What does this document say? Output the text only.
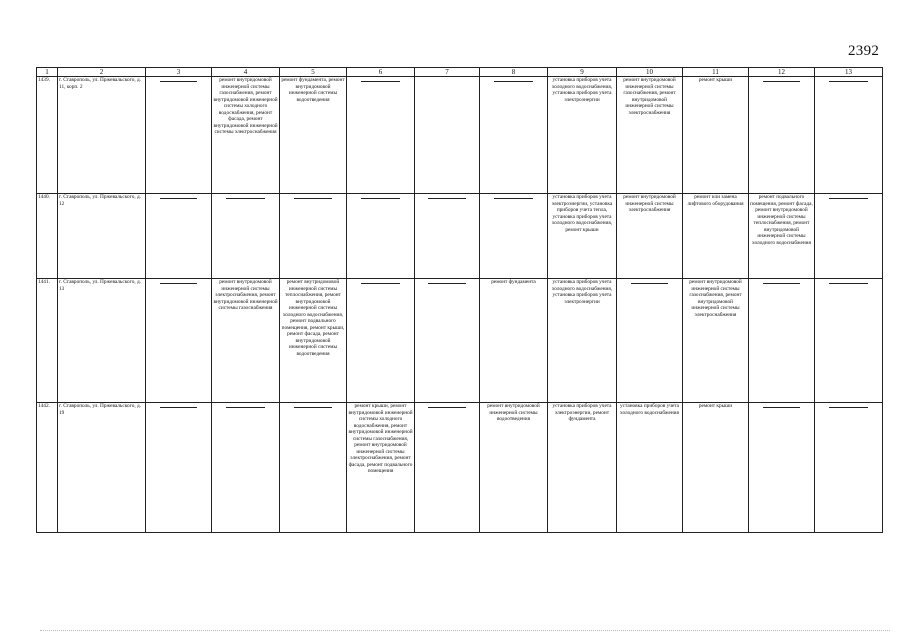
2392
1	2	3	4	5	6	7	8	9	10	11	12	13
1439.	г. Ставрополь, ул. Пржевальского, д. 11, корп. 2		ремонт внутридомовой инженерной системы газоснабжения, ремонт внутридомовой инженерной системы холодного водоснабжения, ремонт фасада, ремонт внутридомовой инженерной системы электроснабжения	ремонт фундамента, ремонт внутридомовой инженерной системы водоотведения				установка приборов учета холодного водоснабжения, установка приборов учета электроэнергии	ремонт внутридомовой инженерной системы газоснабжения, ремонт внутридомовой инженерной системы электроснабжения	ремонт крыши	

1440.	г. Ставрополь, ул. Пржевальского, д. 12							установка приборов учета электроэнергии, установка приборов учета тепла, установка приборов учета холодного водоснабжения, ремонт крыши	ремонт внутридомовой инженерной системы электроснабжения	ремонт или замена лифтового оборудования	ремонт подвального помещения, ремонт фасада, ремонт внутридомовой инженерной системы теплоснабжения, ремонт внутридомовой инженерной системы холодного водоснабжения	

1441.	г. Ставрополь, ул. Пржевальского, д. 13		ремонт внутридомовой инженерной системы электроснабжения, ремонт внутридомовой инженерной системы газоснабжения	ремонт внутридомовой инженерной системы теплоснабжения, ремонт внутридомовой инженерной системы холодного водоснабжения, ремонт подвального помещения, ремонт крыши, ремонт фасада, ремонт внутридомовой инженерной системы водоотведения			ремонт фундамента	установка приборов учета холодного водоснабжения, установка приборов учета электроэнергии		ремонт внутридомовой инженерной системы газоснабжения, ремонт внутридомовой инженерной системы электроснабжения	

1442.	г. Ставрополь, ул. Пржевальского, д. 19				ремонт крыши, ремонт внутридомовой инженерной системы холодного водоснабжения, ремонт внутридомовой инженерной системы газоснабжения, ремонт внутридомовой инженерной системы электроснабжения, ремонт фасада, ремонт подвального помещения		ремонт внутридомовой инженерной системы водоотведения	установка приборов учета электроэнергии, ремонт фундамента	установка приборов учета холодного водоснабжения	ремонт крыши	
